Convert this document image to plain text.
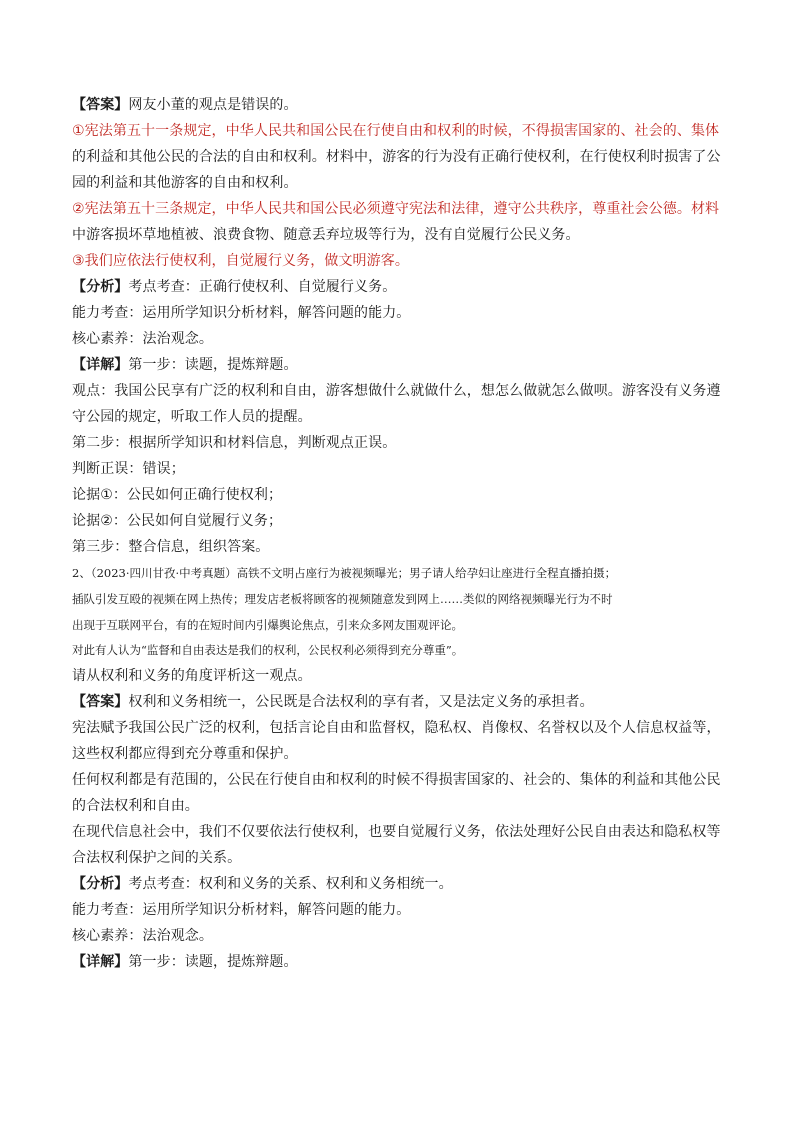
【答案】网友小董的观点是错误的。

①宪法第五十一条规定，中华人民共和国公民在行使自由和权利的时候，不得损害国家的、社会的、集体

的利益和其他公民的合法的自由和权利。材料中，游客的行为没有正确行使权利，在行使权利时损害了公

园的利益和其他游客的自由和权利。

②宪法第五十三条规定，中华人民共和国公民必须遵守宪法和法律，遵守公共秩序，尊重社会公德。材料

中游客损坏草地植被、浪费食物、随意丢弃垃圾等行为，没有自觉履行公民义务。

③我们应依法行使权利，自觉履行义务，做文明游客。

【分析】考点考查：正确行使权利、自觉履行义务。

能力考查：运用所学知识分析材料，解答问题的能力。

核心素养：法治观念。

【详解】第一步：读题，提炼辩题。

观点：我国公民享有广泛的权利和自由，游客想做什么就做什么，想怎么做就怎么做呗。游客没有义务遵

守公园的规定，听取工作人员的提醒。

第二步：根据所学知识和材料信息，判断观点正误。

判断正误：错误；

论据①：公民如何正确行使权利；

论据②：公民如何自觉履行义务；

第三步：整合信息，组织答案。

2、（2023·四川甘孜·中考真题）高铁不文明占座行为被视频曝光；男子请人给孕妇让座进行全程直播拍摄；

插队引发互殴的视频在网上热传；理发店老板将顾客的视频随意发到网上……类似的网络视频曝光行为不时

出现于互联网平台，有的在短时间内引爆舆论焦点，引来众多网友围观评论。

对此有人认为“监督和自由表达是我们的权利，公民权利必须得到充分尊重”。

请从权利和义务的角度评析这一观点。

【答案】权利和义务相统一，公民既是合法权利的享有者，又是法定义务的承担者。

宪法赋予我国公民广泛的权利，包括言论自由和监督权，隐私权、肖像权、名誉权以及个人信息权益等，

这些权利都应得到充分尊重和保护。

任何权利都是有范围的，公民在行使自由和权利的时候不得损害国家的、社会的、集体的利益和其他公民

的合法权利和自由。

在现代信息社会中，我们不仅要依法行使权利，也要自觉履行义务，依法处理好公民自由表达和隐私权等

合法权利保护之间的关系。

【分析】考点考查：权利和义务的关系、权利和义务相统一。

能力考查：运用所学知识分析材料，解答问题的能力。

核心素养：法治观念。

【详解】第一步：读题，提炼辩题。
